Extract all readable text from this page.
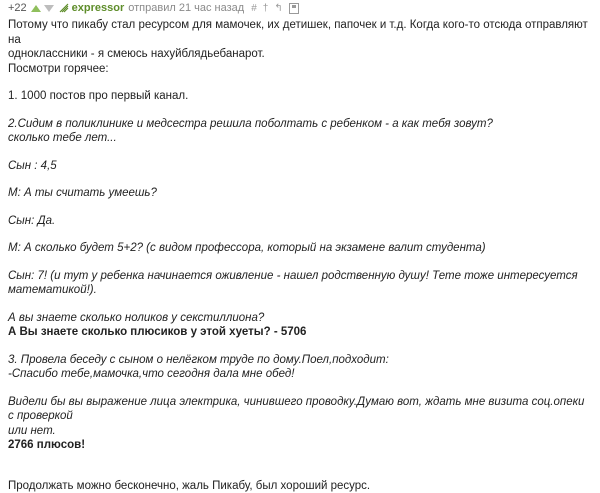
+22	expressor отправил 21 час назад # † ↰
Потому что пикабу стал ресурсом для мамочек, их детишек, папочек и т.д. Когда кого-то отсюда отправляют на
одноклассники - я смеюсь нахуйблядьебанарот.
Посмотри горячее:
1. 1000 постов про первый канал.
2.Сидим в поликлинике и медсестра решила поболтать с ребенком - а как тебя зовут?
сколько тебе лет...
Сын : 4,5
М: А ты считать умеешь?
Сын: Да.
М: А сколько будет 5+2? (с видом профессора, который на экзамене валит студента)
Сын: 7! (и тут у ребенка начинается оживление - нашел родственную душу! Тете тоже интересуется математикой!).
А вы знаете сколько ноликов у секстиллиона?
А Вы знаете сколько плюсиков у этой хуеты? - 5706
3. Провела беседу с сыном о нелёгком труде по дому.Поел,подходит:
-Спасибо тебе,мамочка,что сегодня дала мне обед!
Видели бы вы выражение лица электрика, чинившего проводку.Думаю вот, ждать мне визита соц.опеки с проверкой
или нет.
2766 плюсов!
Продолжать можно бесконечно, жаль Пикабу, был хороший ресурс.
